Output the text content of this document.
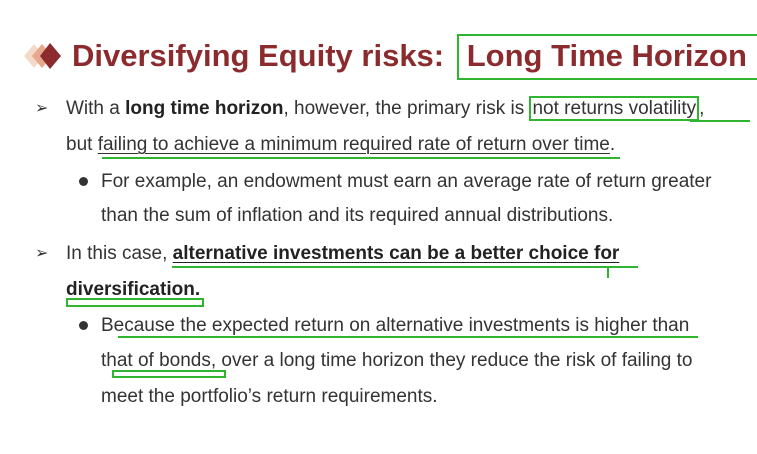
Diversifying Equity risks: Long Time Horizon
➢ With a long time horizon, however, the primary risk is not returns volatility ,
but failing to achieve a minimum required rate of return over time.
For example, an endowment must earn an average rate of return greater
than the sum of inflation and its required annual distributions.
➢ In this case, alternative investments can be a better choice for
diversification.
Because the expected return on alternative investments is higher than
that of bonds, over a long time horizon they reduce the risk of failing to
meet the portfolio’s return requirements.
